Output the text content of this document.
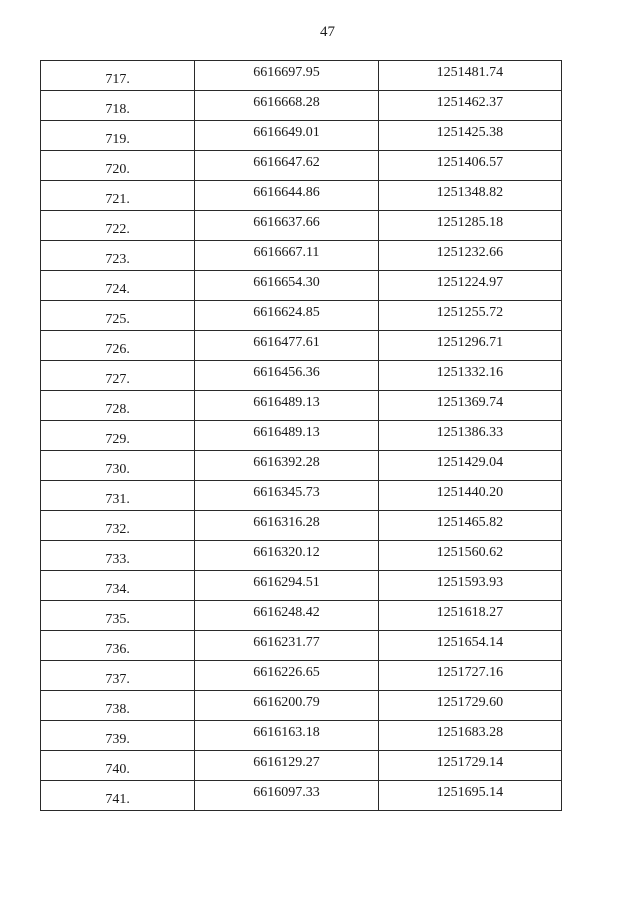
47
717.	6616697.95	1251481.74
718.	6616668.28	1251462.37
719.	6616649.01	1251425.38
720.	6616647.62	1251406.57
721.	6616644.86	1251348.82
722.	6616637.66	1251285.18
723.	6616667.11	1251232.66
724.	6616654.30	1251224.97
725.	6616624.85	1251255.72
726.	6616477.61	1251296.71
727.	6616456.36	1251332.16
728.	6616489.13	1251369.74
729.	6616489.13	1251386.33
730.	6616392.28	1251429.04
731.	6616345.73	1251440.20
732.	6616316.28	1251465.82
733.	6616320.12	1251560.62
734.	6616294.51	1251593.93
735.	6616248.42	1251618.27
736.	6616231.77	1251654.14
737.	6616226.65	1251727.16
738.	6616200.79	1251729.60
739.	6616163.18	1251683.28
740.	6616129.27	1251729.14
741.	6616097.33	1251695.14
